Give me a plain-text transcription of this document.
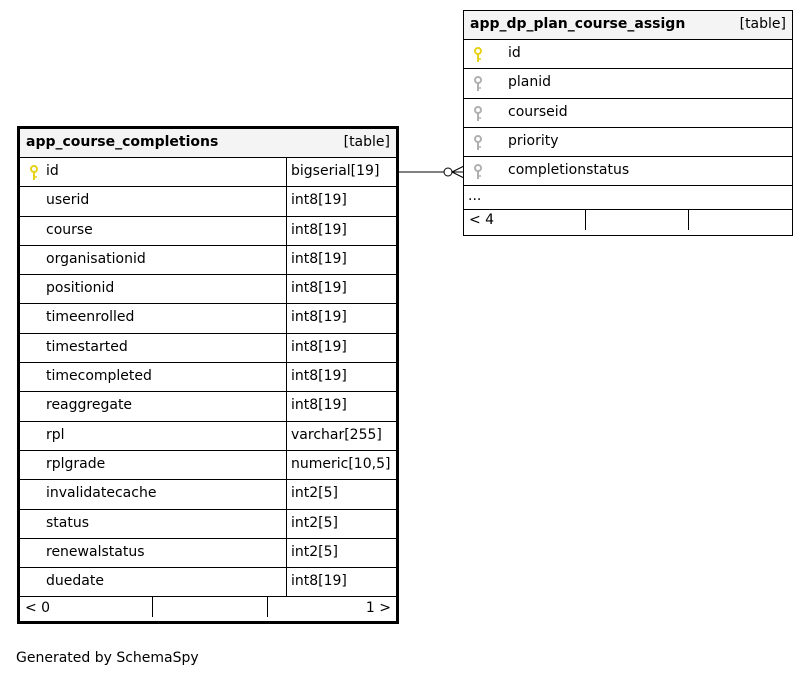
app_course_completions	[table]
id	bigserial[19]
userid	int8[19]
course	int8[19]
organisationid	int8[19]
positionid	int8[19]
timeenrolled	int8[19]
timestarted	int8[19]
timecompleted	int8[19]
reaggregate	int8[19]
rpl	varchar[255]
rplgrade	numeric[10,5]
invalidatecache	int2[5]
status	int2[5]
renewalstatus	int2[5]
duedate	int8[19]
< 0	1 >
app_dp_plan_course_assign	[table]
id
planid
courseid
priority
completionstatus
...
< 4
Generated by SchemaSpy
